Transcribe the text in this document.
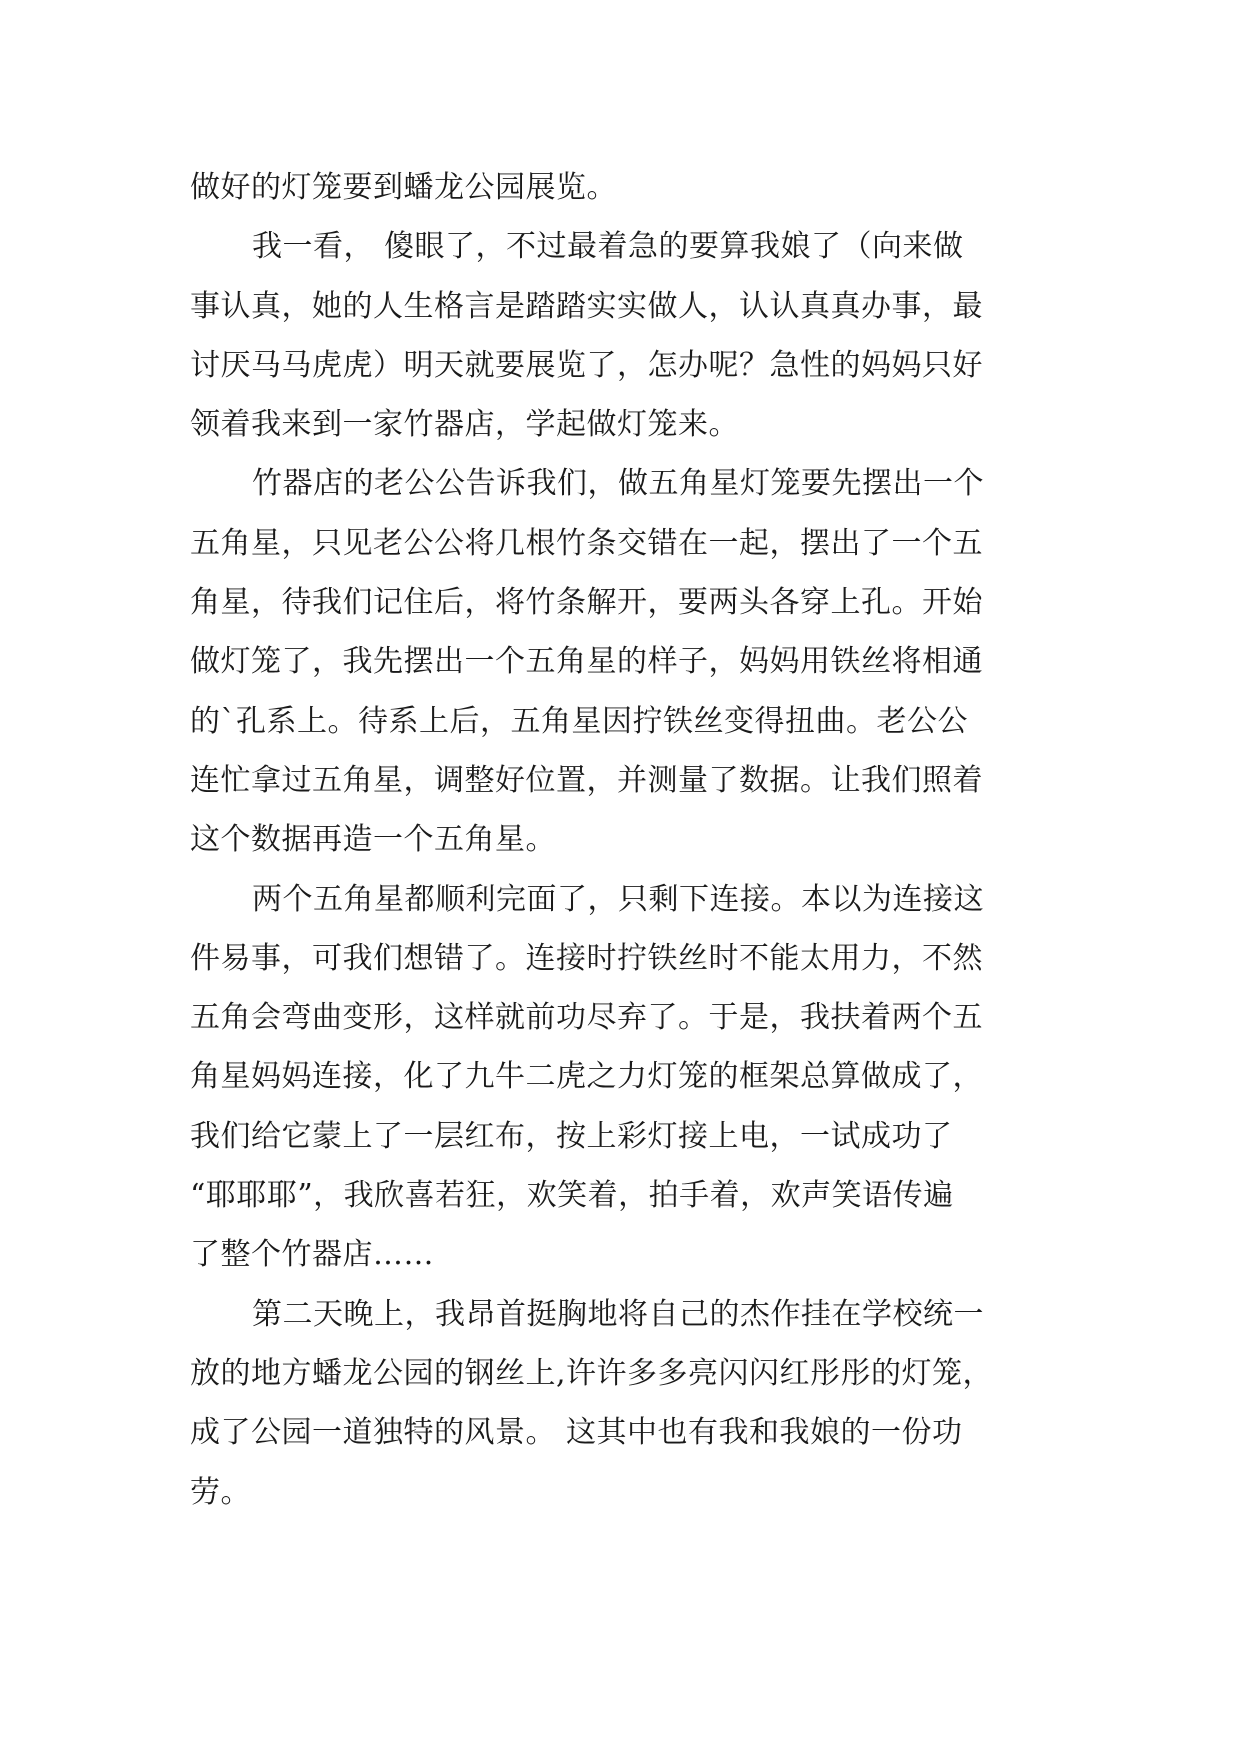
做好的灯笼要到蟠龙公园展览。
我一看， 傻眼了，不过最着急的要算我娘了（向来做
事认真，她的人生格言是踏踏实实做人，认认真真办事，最
讨厌马马虎虎）明天就要展览了，怎办呢？急性的妈妈只好
领着我来到一家竹器店，学起做灯笼来。
竹器店的老公公告诉我们，做五角星灯笼要先摆出一个
五角星，只见老公公将几根竹条交错在一起，摆出了一个五
角星，待我们记住后，将竹条解开，要两头各穿上孔。开始
做灯笼了，我先摆出一个五角星的样子，妈妈用铁丝将相通
的`孔系上。待系上后，五角星因拧铁丝变得扭曲。老公公
连忙拿过五角星，调整好位置，并测量了数据。让我们照着
这个数据再造一个五角星。
两个五角星都顺利完面了，只剩下连接。本以为连接这
件易事，可我们想错了。连接时拧铁丝时不能太用力，不然
五角会弯曲变形，这样就前功尽弃了。于是，我扶着两个五
角星妈妈连接，化了九牛二虎之力灯笼的框架总算做成了，
我们给它蒙上了一层红布，按上彩灯接上电，一试成功了
“耶耶耶”，我欣喜若狂，欢笑着，拍手着，欢声笑语传遍
了整个竹器店……
第二天晚上，我昂首挺胸地将自己的杰作挂在学校统一
放的地方蟠龙公园的钢丝上,许许多多亮闪闪红彤彤的灯笼，
成了公园一道独特的风景。 这其中也有我和我娘的一份功
劳。
